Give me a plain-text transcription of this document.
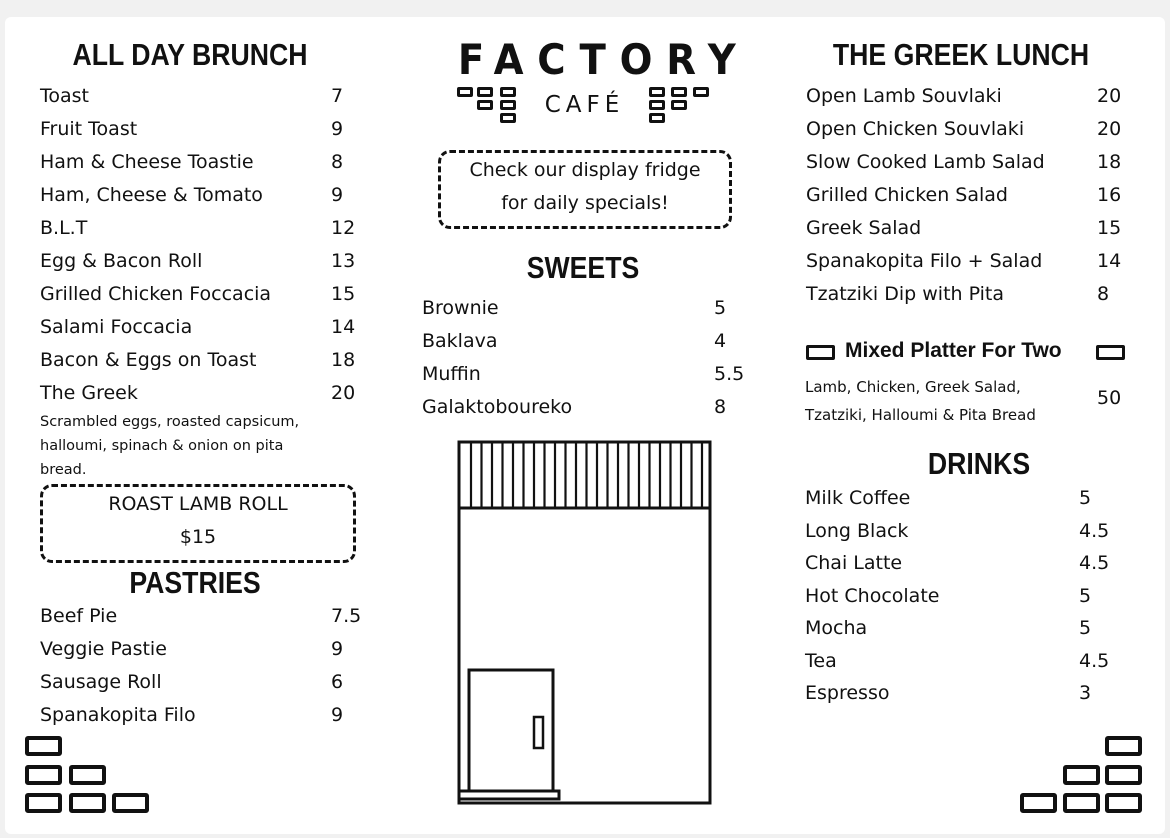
ALL DAY BRUNCH
Toast	7
Fruit Toast	9
Ham & Cheese Toastie	8
Ham, Cheese & Tomato	9
B.L.T	12
Egg & Bacon Roll	13
Grilled Chicken Foccacia	15
Salami Foccacia	14
Bacon & Eggs on Toast	18
The Greek	20
Scrambled eggs, roasted capsicum,
halloumi, spinach & onion on pita
bread.
ROAST LAMB ROLL
$15
PASTRIES
Beef Pie	7.5
Veggie Pastie	9
Sausage Roll	6
Spanakopita Filo	9
FACTORY
CAFÉ
Check our display fridge
for daily specials!
SWEETS
Brownie	5
Baklava	4
Muffin	5.5
Galaktoboureko	8
THE GREEK LUNCH
Open Lamb Souvlaki	20
Open Chicken Souvlaki	20
Slow Cooked Lamb Salad	18
Grilled Chicken Salad	16
Greek Salad	15
Spanakopita Filo + Salad	14
Tzatziki Dip with Pita	8
Mixed Platter For Two
Lamb, Chicken, Greek Salad,
Tzatziki, Halloumi & Pita Bread
50
DRINKS
Milk Coffee	5
Long Black	4.5
Chai Latte	4.5
Hot Chocolate	5
Mocha	5
Tea	4.5
Espresso	3
